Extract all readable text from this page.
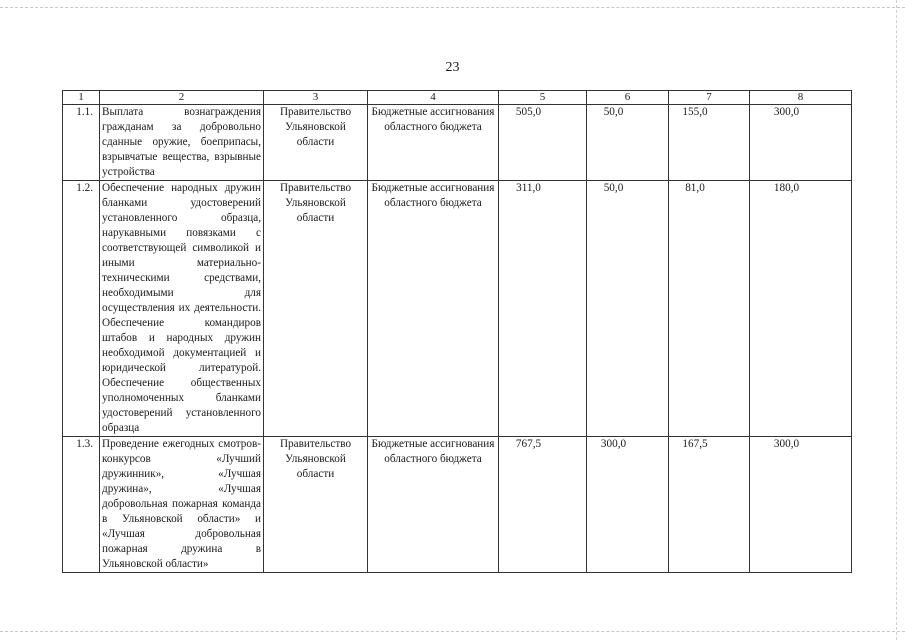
23
1	2	3	4	5	6	7	8
1.1.	Выплата вознаграждения гражданам за добровольно сданные оружие, боеприпасы, взрывчатые вещества, взрывные устройства	Правительство Ульяновской области	Бюджетные ассигнования областного бюджета	505,0	50,0	155,0	300,0
1.2.	Обеспечение народных дружин бланками удостоверений установленного образца, нарукавными повязками с соответствующей символикой и иными материально-техническими средствами, необходимыми для осуществления их деятельности. Обеспечение командиров штабов и народных дружин необходимой документацией и юридической литературой. Обеспечение общественных уполномоченных бланками удостоверений установленного образца	Правительство Ульяновской области	Бюджетные ассигнования областного бюджета	311,0	50,0	81,0	180,0
1.3.	Проведение ежегодных смотров-конкурсов «Лучший дружинник», «Лучшая дружина», «Лучшая добровольная пожарная команда в Ульяновской области» и «Лучшая добровольная пожарная дружина в Ульяновской области»	Правительство Ульяновской области	Бюджетные ассигнования областного бюджета	767,5	300,0	167,5	300,0
